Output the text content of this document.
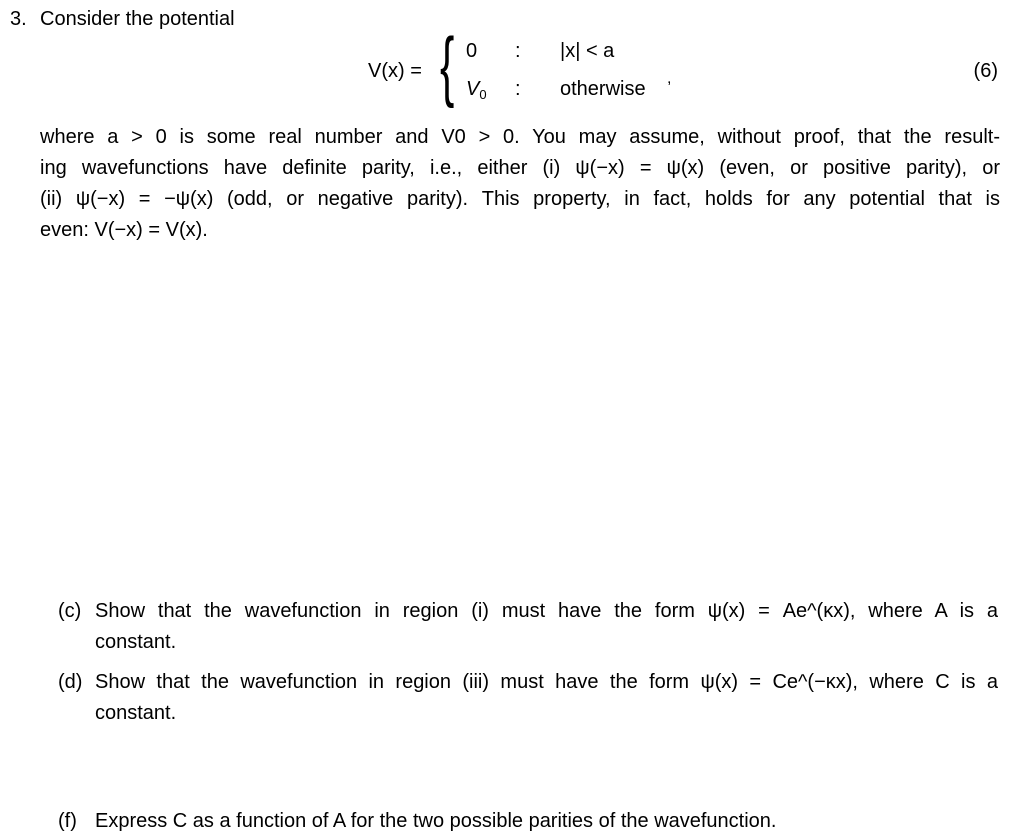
3. Consider the potential
V(x) = { 0
$V_0$
:
:
|x| < a
otherwise ,	(6)
where a > 0 is some real number and V0 > 0. You may assume, without proof, that the result-
ing wavefunctions have definite parity, i.e., either (i) ψ(−x) = ψ(x) (even, or positive parity), or
(ii) ψ(−x) = −ψ(x) (odd, or negative parity). This property, in fact, holds for any potential that is
even: V(−x) = V(x).
(c) Show that the wavefunction in region (i) must have the form ψ(x) = Ae^(κx), where A is a
constant.
(d) Show that the wavefunction in region (iii) must have the form ψ(x) = Ce^(−κx), where C is a
constant.
(f) Express C as a function of A for the two possible parities of the wavefunction.
